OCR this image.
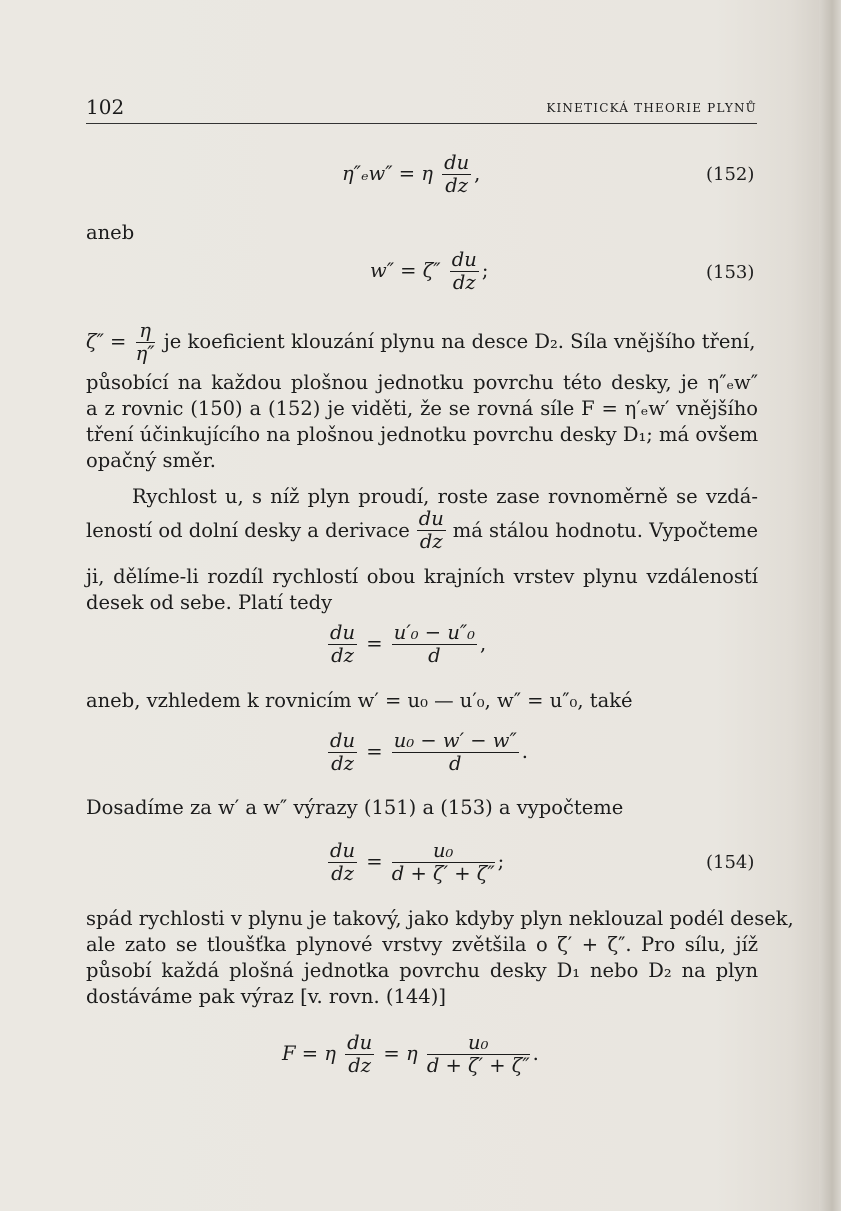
102	KINETICKÁ THEORIE PLYNŮ
η″ₑw″ = η $\frac{du}{dz}$ ,	(152)
aneb
$w'' = \zeta'' \frac{du}{dz}$ ;	(153)
$\zeta'' = \frac{\eta}{\eta''}$ je koeficient klouzání plynu na desce D₂. Síla vnějšího tření,
působící na každou plošnou jednotku povrchu této desky, je η″ₑw″
a z rovnic (150) a (152) je viděti, že se rovná síle F = η′ₑw′ vnějšího
tření účinkujícího na plošnou jednotku povrchu desky D₁; má ovšem
opačný směr.
Rychlost u, s níž plyn proudí, roste zase rovnoměrně se vzdá-
leností od dolní desky a derivace $\frac{du}{dz}$ má stálou hodnotu. Vypočteme
ji, dělíme-li rozdíl rychlostí obou krajních vrstev plynu vzdáleností
desek od sebe. Platí tedy
$\frac{du}{dz} = \frac{\text{u′₀ − u″₀}}{d}$ ,
aneb, vzhledem k rovnicím w′ = u₀ — u′₀, w″ = u″₀, také
$\frac{du}{dz} = \frac{\text{u₀ − w′ − w″}}{d}$ .
Dosadíme za w′ a w″ výrazy (151) a (153) a vypočteme
$\frac{du}{dz} = \frac{\text{u₀}}{d + \zeta' + \zeta''}$ ;	(154)
spád rychlosti v plynu je takový, jako kdyby plyn neklouzal podél desek,
ale zato se tloušťka plynové vrstvy zvětšila o ζ′ + ζ″. Pro sílu, jíž
působí každá plošná jednotka povrchu desky D₁ nebo D₂ na plyn
dostáváme pak výraz [v. rovn. (144)]
F = η $\frac{du}{dz} = \eta \frac{\text{u₀}}{d + \zeta' + \zeta''}$ .
